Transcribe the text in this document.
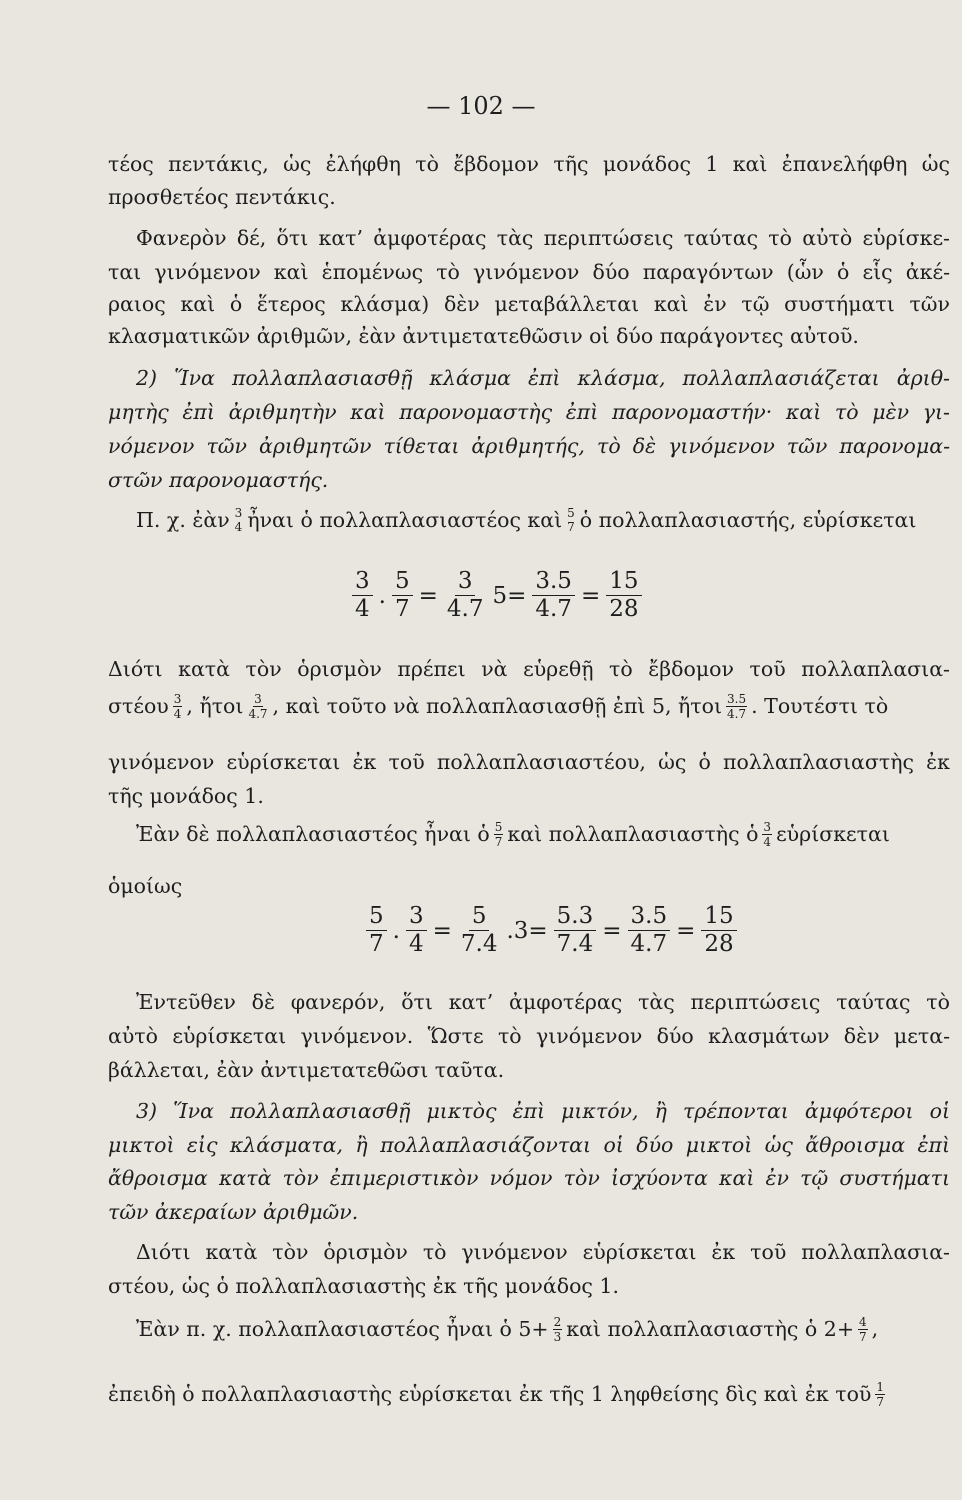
— 102 —
τέος πεντάκις, ὡς ἐλήφθη τὸ ἔβδομον τῆς μονάδος 1 καὶ ἐπανελήφθη ὡς
προσθετέος πεντάκις.
Φανερὸν δέ, ὅτι κατ’ ἀμφοτέρας τὰς περιπτώσεις ταύτας τὸ αὐτὸ εὑρίσκε-
ται γινόμενον καὶ ἑπομένως τὸ γινόμενον δύο παραγόντων (ὧν ὁ εἷς ἀκέ-
ραιος καὶ ὁ ἕτερος κλάσμα) δὲν μεταβάλλεται καὶ ἐν τῷ συστήματι τῶν
κλασματικῶν ἀριθμῶν, ἐὰν ἀντιμετατεθῶσιν οἱ δύο παράγοντες αὐτοῦ.
2) Ἵνα πολλαπλασιασθῇ κλάσμα ἐπὶ κλάσμα, πολλαπλασιάζεται ἀριθ-
μητὴς ἐπὶ ἀριθμητὴν καὶ παρονομαστὴς ἐπὶ παρονομαστήν· καὶ τὸ μὲν γι-
νόμενον τῶν ἀριθμητῶν τίθεται ἀριθμητής, τὸ δὲ γινόμενον τῶν παρονομα-
στῶν παρονομαστής.
Π. χ. ἐὰν 3
4 ἦναι ὁ πολλαπλασιαστέος καὶ 5
7 ὁ πολλαπλασιαστής, εὑρίσκεται
3
4
. $\frac{5}{7} = \frac{3}{4.7} 5= \frac{3.5}{4.7} = \frac{15}{28}$
Διότι κατὰ τὸν ὁρισμὸν πρέπει νὰ εὑρεθῇ τὸ ἔβδομον τοῦ πολλαπλασια-
στέου 3
4 , ἤτοι 3
4.7 , καὶ τοῦτο νὰ πολλαπλασιασθῇ ἐπὶ 5, ἤτοι 3.5
4.7 . Τουτέστι τὸ
γινόμενον εὑρίσκεται ἐκ τοῦ πολλαπλασιαστέου, ὡς ὁ πολλαπλασιαστὴς ἐκ
τῆς μονάδος 1.
Ἐὰν δὲ πολλαπλασιαστέος ἦναι ὁ 5
7 καὶ πολλαπλασιαστὴς ὁ 3
4 εὑρίσκεται
ὁμοίως
5
7
. $\frac{3}{4} = \frac{5}{7.4} .3= \frac{5.3}{7.4} = \frac{3.5}{4.7} = \frac{15}{28}$
Ἐντεῦθεν δὲ φανερόν, ὅτι κατ’ ἀμφοτέρας τὰς περιπτώσεις ταύτας τὸ
αὐτὸ εὑρίσκεται γινόμενον. Ὥστε τὸ γινόμενον δύο κλασμάτων δὲν μετα-
βάλλεται, ἐὰν ἀντιμετατεθῶσι ταῦτα.
3) Ἵνα πολλαπλασιασθῇ μικτὸς ἐπὶ μικτόν, ἢ τρέπονται ἀμφότεροι οἱ
μικτοὶ εἰς κλάσματα, ἢ πολλαπλασιάζονται οἱ δύο μικτοὶ ὡς ἄθροισμα ἐπὶ
ἄθροισμα κατὰ τὸν ἐπιμεριστικὸν νόμον τὸν ἰσχύοντα καὶ ἐν τῷ συστήματι
τῶν ἀκεραίων ἀριθμῶν.
Διότι κατὰ τὸν ὁρισμὸν τὸ γινόμενον εὑρίσκεται ἐκ τοῦ πολλαπλασια-
στέου, ὡς ὁ πολλαπλασιαστὴς ἐκ τῆς μονάδος 1.
Ἐὰν π. χ. πολλαπλασιαστέος ἦναι ὁ $5+ \frac{2}{3}$ καὶ πολλαπλασιαστὴς ὁ $2+ \frac{4}{7}$ ,
ἐπειδὴ ὁ πολλαπλασιαστὴς εὑρίσκεται ἐκ τῆς 1 ληφθείσης δὶς καὶ ἐκ τοῦ 1
7
